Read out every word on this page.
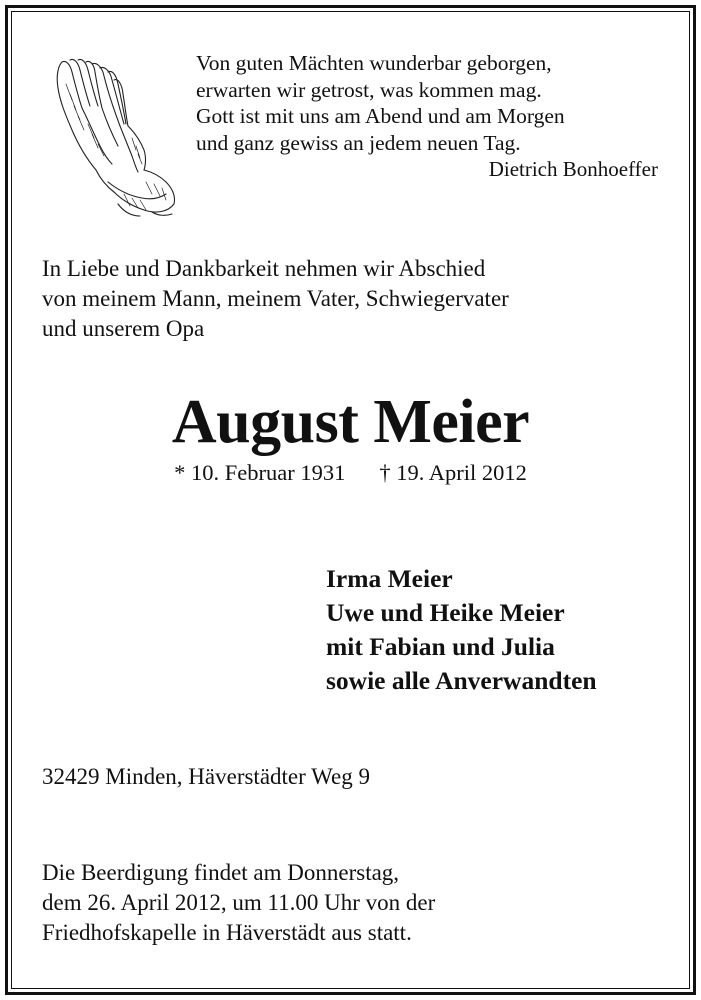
Von guten Mächten wunderbar geborgen,
erwarten wir getrost, was kommen mag.
Gott ist mit uns am Abend und am Morgen
und ganz gewiss an jedem neuen Tag.
Dietrich Bonhoeffer
In Liebe und Dankbarkeit nehmen wir Abschied
von meinem Mann, meinem Vater, Schwiegervater
und unserem Opa
August Meier
* 10. Februar 1931 † 19. April 2012
Irma Meier
Uwe und Heike Meier
mit Fabian und Julia
sowie alle Anverwandten
32429 Minden, Häverstädter Weg 9
Die Beerdigung findet am Donnerstag,
dem 26. April 2012, um 11.00 Uhr von der
Friedhofskapelle in Häverstädt aus statt.
